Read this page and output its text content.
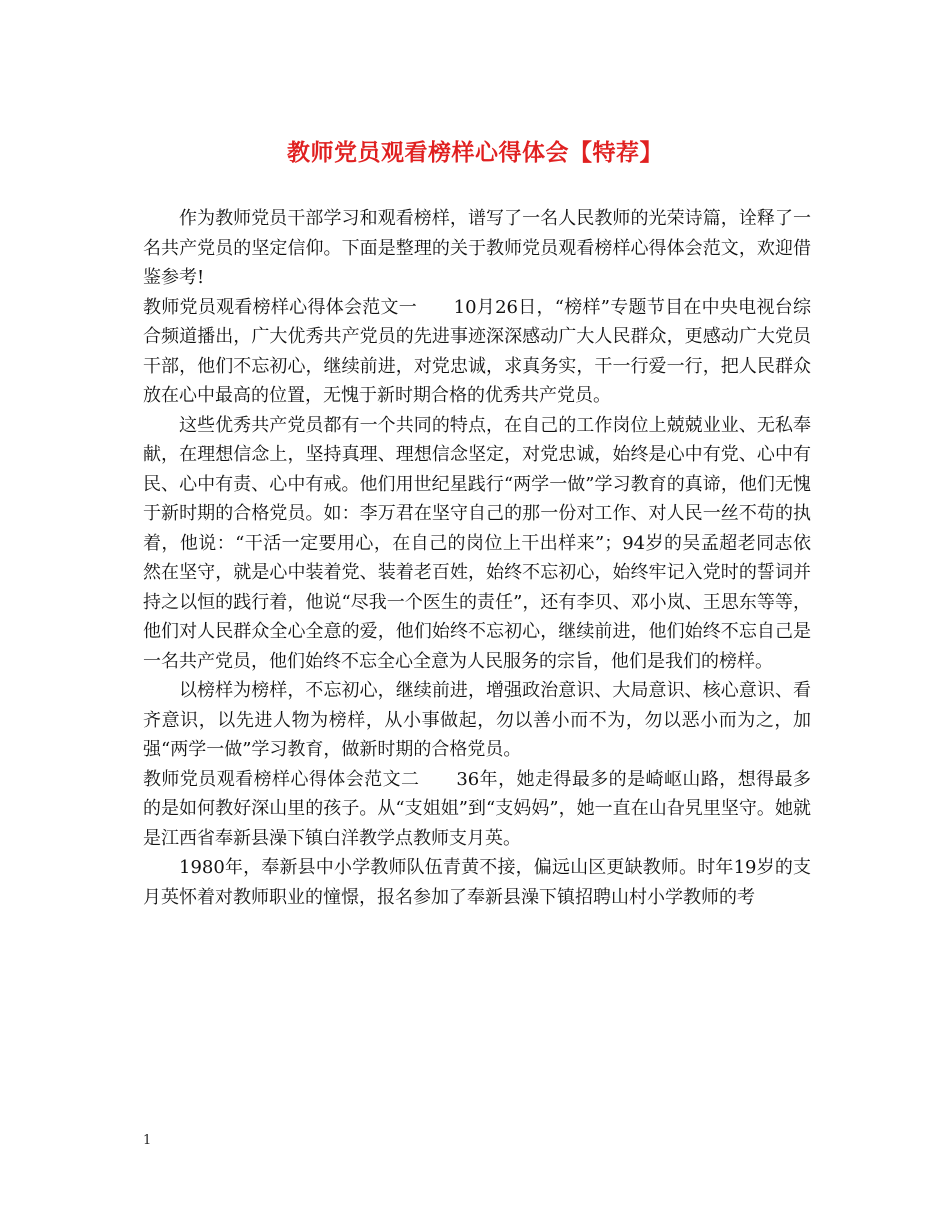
教师党员观看榜样心得体会【特荐】

作为教师党员干部学习和观看榜样，谱写了一名人民教师的光荣诗篇，诠释了一名共产党员的坚定信仰。下面是整理的关于教师党员观看榜样心得体会范文，欢迎借鉴参考!

教师党员观看榜样心得体会范文一　　10月26日，“榜样”专题节目在中央电视台综合频道播出，广大优秀共产党员的先进事迹深深感动广大人民群众，更感动广大党员干部，他们不忘初心，继续前进，对党忠诚，求真务实，干一行爱一行，把人民群众放在心中最高的位置，无愧于新时期合格的优秀共产党员。

这些优秀共产党员都有一个共同的特点，在自己的工作岗位上兢兢业业、无私奉献，在理想信念上，坚持真理、理想信念坚定，对党忠诚，始终是心中有党、心中有民、心中有责、心中有戒。他们用世纪星践行“两学一做”学习教育的真谛，他们无愧于新时期的合格党员。如：李万君在坚守自己的那一份对工作、对人民一丝不苟的执着，他说：“干活一定要用心，在自己的岗位上干出样来”；94岁的吴孟超老同志依然在坚守，就是心中装着党、装着老百姓，始终不忘初心，始终牢记入党时的誓词并持之以恒的践行着，他说“尽我一个医生的责任”，还有李贝、邓小岚、王思东等等，他们对人民群众全心全意的爱，他们始终不忘初心，继续前进，他们始终不忘自己是一名共产党员，他们始终不忘全心全意为人民服务的宗旨，他们是我们的榜样。

以榜样为榜样，不忘初心，继续前进，增强政治意识、大局意识、核心意识、看齐意识，以先进人物为榜样，从小事做起，勿以善小而不为，勿以恶小而为之，加强“两学一做”学习教育，做新时期的合格党员。

教师党员观看榜样心得体会范文二　　36年，她走得最多的是崎岖山路，想得最多的是如何教好深山里的孩子。从“支姐姐”到“支妈妈”，她一直在山旮旯里坚守。她就是江西省奉新县澡下镇白洋教学点教师支月英。

1980年，奉新县中小学教师队伍青黄不接，偏远山区更缺教师。时年19岁的支月英怀着对教师职业的憧憬，报名参加了奉新县澡下镇招聘山村小学教师的考

1
